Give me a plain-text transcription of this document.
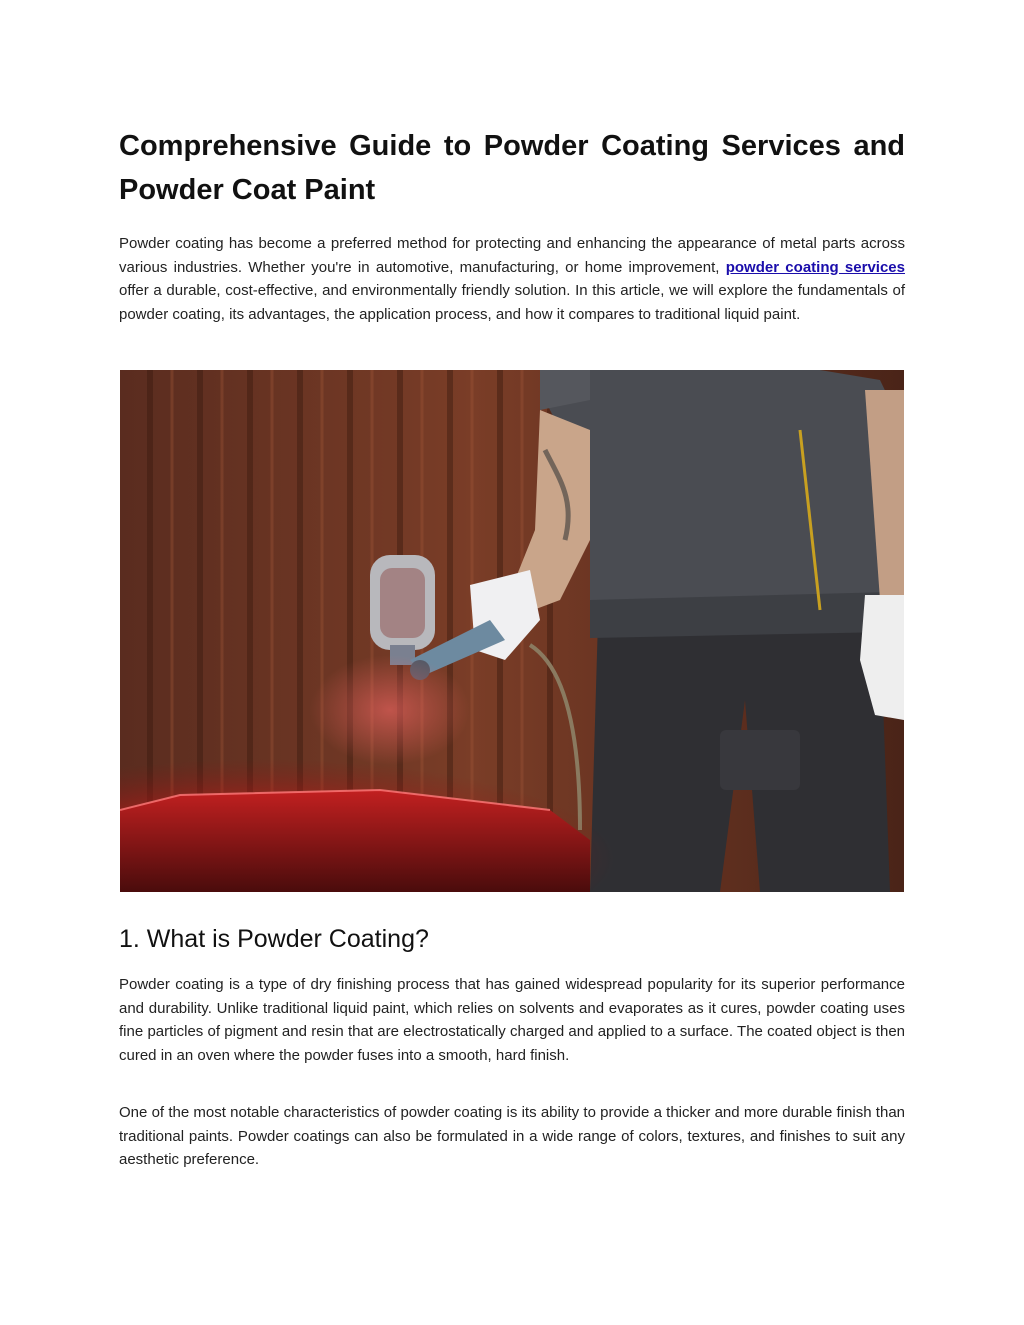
Comprehensive Guide to Powder Coating Services and Powder Coat Paint

Powder coating has become a preferred method for protecting and enhancing the appearance of metal parts across various industries. Whether you're in automotive, manufacturing, or home improvement, powder coating services offer a durable, cost-effective, and environmentally friendly solution. In this article, we will explore the fundamentals of powder coating, its advantages, the application process, and how it compares to traditional liquid paint.

1. What is Powder Coating?

Powder coating is a type of dry finishing process that has gained widespread popularity for its superior performance and durability. Unlike traditional liquid paint, which relies on solvents and evaporates as it cures, powder coating uses fine particles of pigment and resin that are electrostatically charged and applied to a surface. The coated object is then cured in an oven where the powder fuses into a smooth, hard finish.

One of the most notable characteristics of powder coating is its ability to provide a thicker and more durable finish than traditional paints. Powder coatings can also be formulated in a wide range of colors, textures, and finishes to suit any aesthetic preference.
